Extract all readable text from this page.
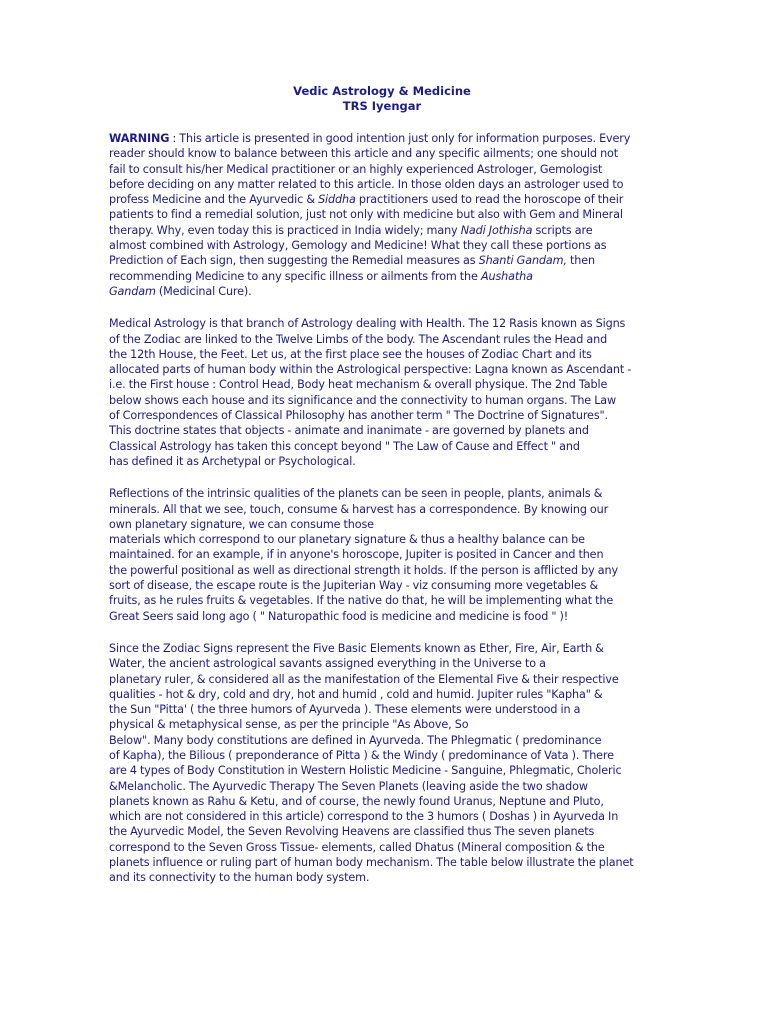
Vedic Astrology & Medicine
TRS Iyengar

WARNING : This article is presented in good intention just only for information purposes. Every
reader should know to balance between this article and any specific ailments; one should not
fail to consult his/her Medical practitioner or an highly experienced Astrologer, Gemologist
before deciding on any matter related to this article. In those olden days an astrologer used to
profess Medicine and the Ayurvedic & Siddha practitioners used to read the horoscope of their
patients to find a remedial solution, just not only with medicine but also with Gem and Mineral
therapy. Why, even today this is practiced in India widely; many Nadi Jothisha scripts are
almost combined with Astrology, Gemology and Medicine! What they call these portions as
Prediction of Each sign, then suggesting the Remedial measures as Shanti Gandam, then
recommending Medicine to any specific illness or ailments from the Aushatha
Gandam (Medicinal Cure).

Medical Astrology is that branch of Astrology dealing with Health. The 12 Rasis known as Signs
of the Zodiac are linked to the Twelve Limbs of the body. The Ascendant rules the Head and
the 12th House, the Feet. Let us, at the first place see the houses of Zodiac Chart and its
allocated parts of human body within the Astrological perspective: Lagna known as Ascendant -
i.e. the First house : Control Head, Body heat mechanism & overall physique. The 2nd Table
below shows each house and its significance and the connectivity to human organs. The Law
of Correspondences of Classical Philosophy has another term " The Doctrine of Signatures".
This doctrine states that objects - animate and inanimate - are governed by planets and
Classical Astrology has taken this concept beyond " The Law of Cause and Effect " and
has defined it as Archetypal or Psychological.

Reflections of the intrinsic qualities of the planets can be seen in people, plants, animals &
minerals. All that we see, touch, consume & harvest has a correspondence. By knowing our
own planetary signature, we can consume those
materials which correspond to our planetary signature & thus a healthy balance can be
maintained. for an example, if in anyone's horoscope, Jupiter is posited in Cancer and then
the powerful positional as well as directional strength it holds. If the person is afflicted by any
sort of disease, the escape route is the Jupiterian Way - viz consuming more vegetables &
fruits, as he rules fruits & vegetables. If the native do that, he will be implementing what the
Great Seers said long ago ( " Naturopathic food is medicine and medicine is food " )!

Since the Zodiac Signs represent the Five Basic Elements known as Ether, Fire, Air, Earth &
Water, the ancient astrological savants assigned everything in the Universe to a
planetary ruler, & considered all as the manifestation of the Elemental Five & their respective
qualities - hot & dry, cold and dry, hot and humid , cold and humid. Jupiter rules "Kapha" &
the Sun "Pitta' ( the three humors of Ayurveda ). These elements were understood in a
physical & metaphysical sense, as per the principle "As Above, So
Below". Many body constitutions are defined in Ayurveda. The Phlegmatic ( predominance
of Kapha), the Bilious ( preponderance of Pitta ) & the Windy ( predominance of Vata ). There
are 4 types of Body Constitution in Western Holistic Medicine - Sanguine, Phlegmatic, Choleric
&Melancholic. The Ayurvedic Therapy The Seven Planets (leaving aside the two shadow
planets known as Rahu & Ketu, and of course, the newly found Uranus, Neptune and Pluto,
which are not considered in this article) correspond to the 3 humors ( Doshas ) in Ayurveda In
the Ayurvedic Model, the Seven Revolving Heavens are classified thus The seven planets
correspond to the Seven Gross Tissue- elements, called Dhatus (Mineral composition & the
planets influence or ruling part of human body mechanism. The table below illustrate the planet
and its connectivity to the human body system.
